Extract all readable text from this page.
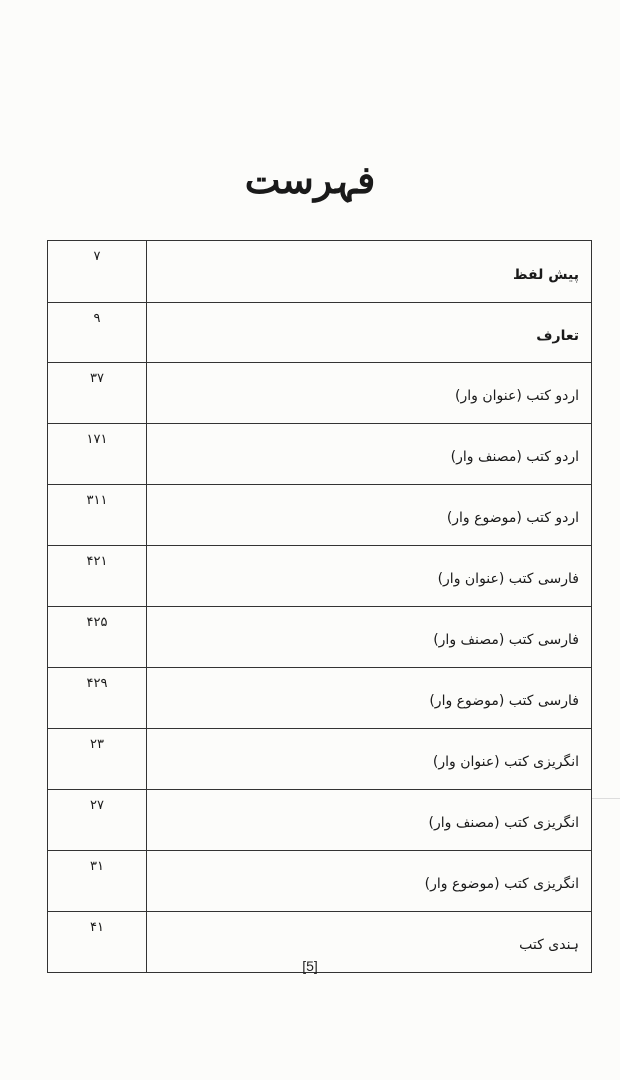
فہرست
پیش لفظ	۷
تعارف	۹
اردو کتب (عنوان وار)	۳۷
اردو کتب (مصنف وار)	۱۷۱
اردو کتب (موضوع وار)	۳۱۱
فارسی کتب (عنوان وار)	۴۲۱
فارسی کتب (مصنف وار)	۴۲۵
فارسی کتب (موضوع وار)	۴۲۹
انگریزی کتب (عنوان وار)	۲۳
انگریزی کتب (مصنف وار)	۲۷
انگریزی کتب (موضوع وار)	۳۱
ہندی کتب	۴۱
[5]
